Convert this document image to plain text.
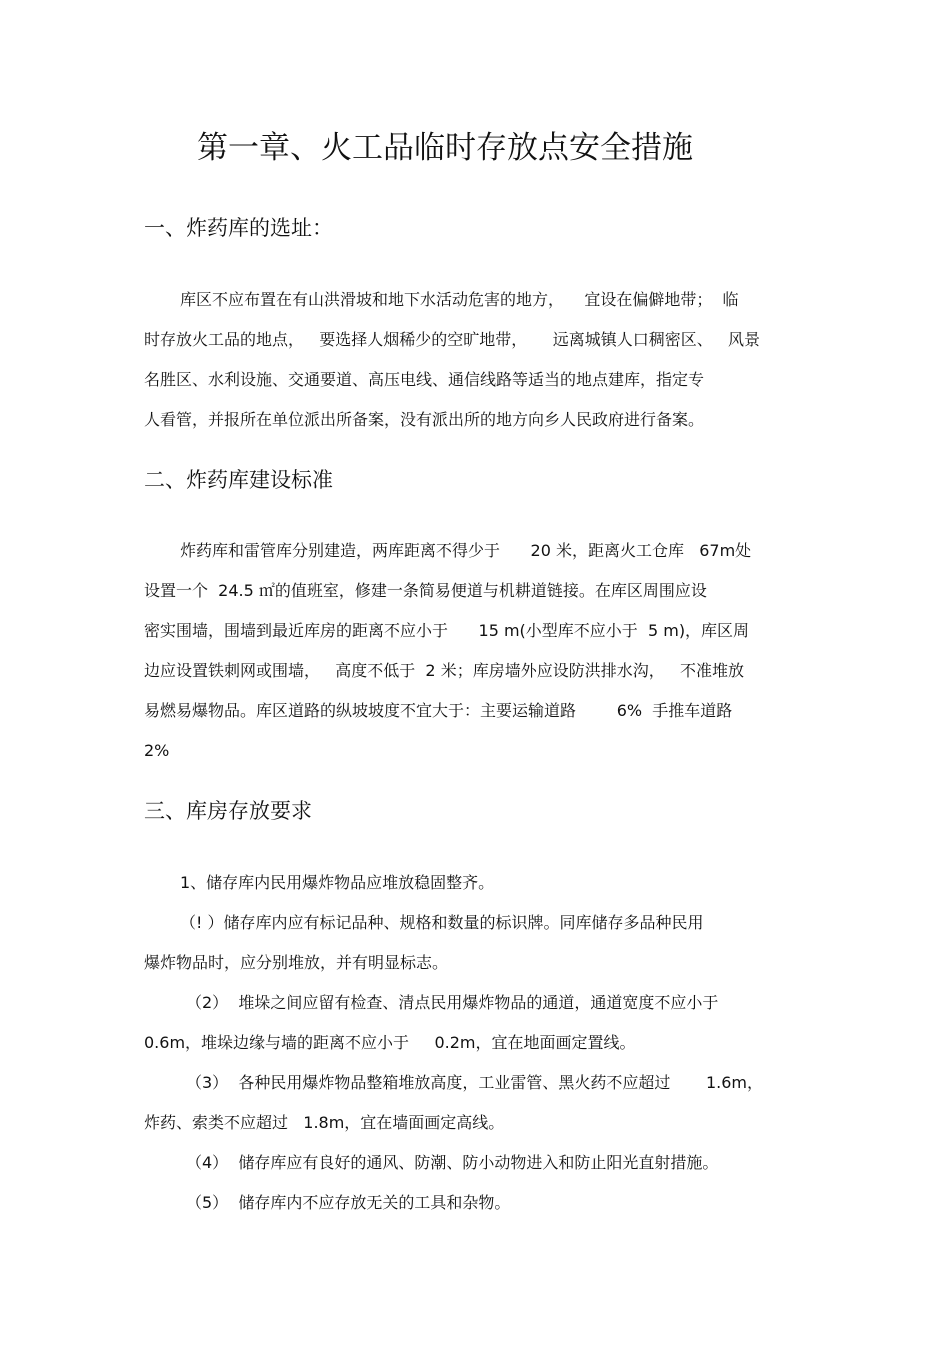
第一章、火工品临时存放点安全措施
一、炸药库的选址：
库区不应布置在有山洪滑坡和地下水活动危害的地方，    宜设在偏僻地带；  临
时存放火工品的地点，   要选择人烟稀少的空旷地带，     远离城镇人口稠密区、   风景
名胜区、水利设施、交通要道、高压电线、通信线路等适当的地点建库，指定专
人看管，并报所在单位派出所备案，没有派出所的地方向乡人民政府进行备案。
二、炸药库建设标准
炸药库和雷管库分别建造，两库距离不得少于      20 米，距离火工仓库   67m处
设置一个  24.5 ㎡的值班室，修建一条简易便道与机耕道链接。在库区周围应设
密实围墙，围墙到最近库房的距离不应小于      15 m(小型库不应小于  5 m)，库区周
边应设置铁刺网或围墙，   高度不低于  2 米；库房墙外应设防洪排水沟，   不准堆放
易燃易爆物品。库区道路的纵坡坡度不宜大于：主要运输道路        6%  手推车道路
2%
三、库房存放要求
1、储存库内民用爆炸物品应堆放稳固整齐。
（! ）储存库内应有标记品种、规格和数量的标识牌。同库储存多品种民用
爆炸物品时，应分别堆放，并有明显标志。
（2）  堆垛之间应留有检查、清点民用爆炸物品的通道，通道宽度不应小于
0.6m，堆垛边缘与墙的距离不应小于     0.2m，宜在地面画定置线。
（3）  各种民用爆炸物品整箱堆放高度，工业雷管、黑火药不应超过       1.6m，
炸药、索类不应超过   1.8m，宜在墙面画定高线。
（4）  储存库应有良好的通风、防潮、防小动物进入和防止阳光直射措施。
（5）  储存库内不应存放无关的工具和杂物。
